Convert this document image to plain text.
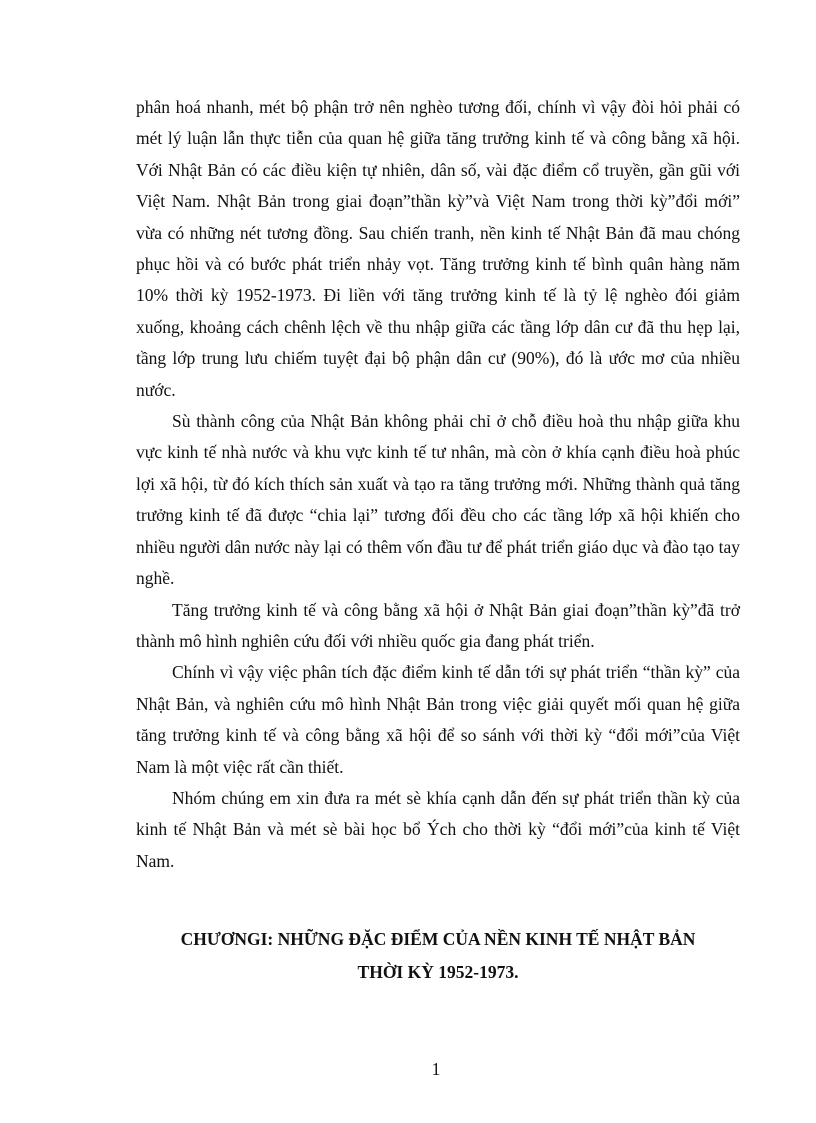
phân hoá nhanh, mét bộ phận trở nên nghèo tương đối, chính vì vậy đòi hỏi phải có mét lý luận lẫn thực tiễn của quan hệ giữa tăng trưởng kinh tế và công bằng xã hội. Với Nhật Bản có các điều kiện tự nhiên, dân số, vài đặc điểm cổ truyền, gần gũi với Việt Nam. Nhật Bản trong giai đoạn”thần kỳ”và Việt Nam trong thời kỳ”đổi mới” vừa có những nét tương đồng. Sau chiến tranh, nền kinh tế Nhật Bản đã mau chóng phục hồi và có bước phát triển nhảy vọt. Tăng trưởng kinh tế bình quân hàng năm 10% thời kỳ 1952-1973. Đi liền với tăng trưởng kinh tế là tỷ lệ nghèo đói giảm xuống, khoảng cách chênh lệch về thu nhập giữa các tầng lớp dân cư đã thu hẹp lại, tầng lớp trung lưu chiếm tuyệt đại bộ phận dân cư (90%), đó là ước mơ của nhiều nước.

Sù thành công của Nhật Bản không phải chỉ ở chỗ điều hoà thu nhập giữa khu vực kinh tế nhà nước và khu vực kinh tế tư nhân, mà còn ở khía cạnh điều hoà phúc lợi xã hội, từ đó kích thích sản xuất và tạo ra tăng trưởng mới. Những thành quả tăng trưởng kinh tế đã được “chia lại” tương đối đều cho các tầng lớp xã hội khiến cho nhiều người dân nước này lại có thêm vốn đầu tư để phát triển giáo dục và đào tạo tay nghề.

Tăng trưởng kinh tế và công bằng xã hội ở Nhật Bản giai đoạn”thần kỳ”đã trở thành mô hình nghiên cứu đối với nhiều quốc gia đang phát triển.

Chính vì vậy việc phân tích đặc điểm kinh tế dẫn tới sự phát triển “thần kỳ” của Nhật Bản, và nghiên cứu mô hình Nhật Bản trong việc giải quyết mối quan hệ giữa tăng trưởng kinh tế và công bằng xã hội để so sánh với thời kỳ “đổi mới”của Việt Nam là một việc rất cần thiết.

Nhóm chúng em xin đưa ra mét sè khía cạnh dẫn đến sự phát triển thần kỳ của kinh tế Nhật Bản và mét sè bài học bổ Ých cho thời kỳ “đổi mới”của kinh tế Việt Nam.

CHƯƠNGI: NHỮNG ĐẶC ĐIỂM CỦA NỀN KINH TẾ NHẬT BẢN
THỜI KỲ 1952-1973.
1
